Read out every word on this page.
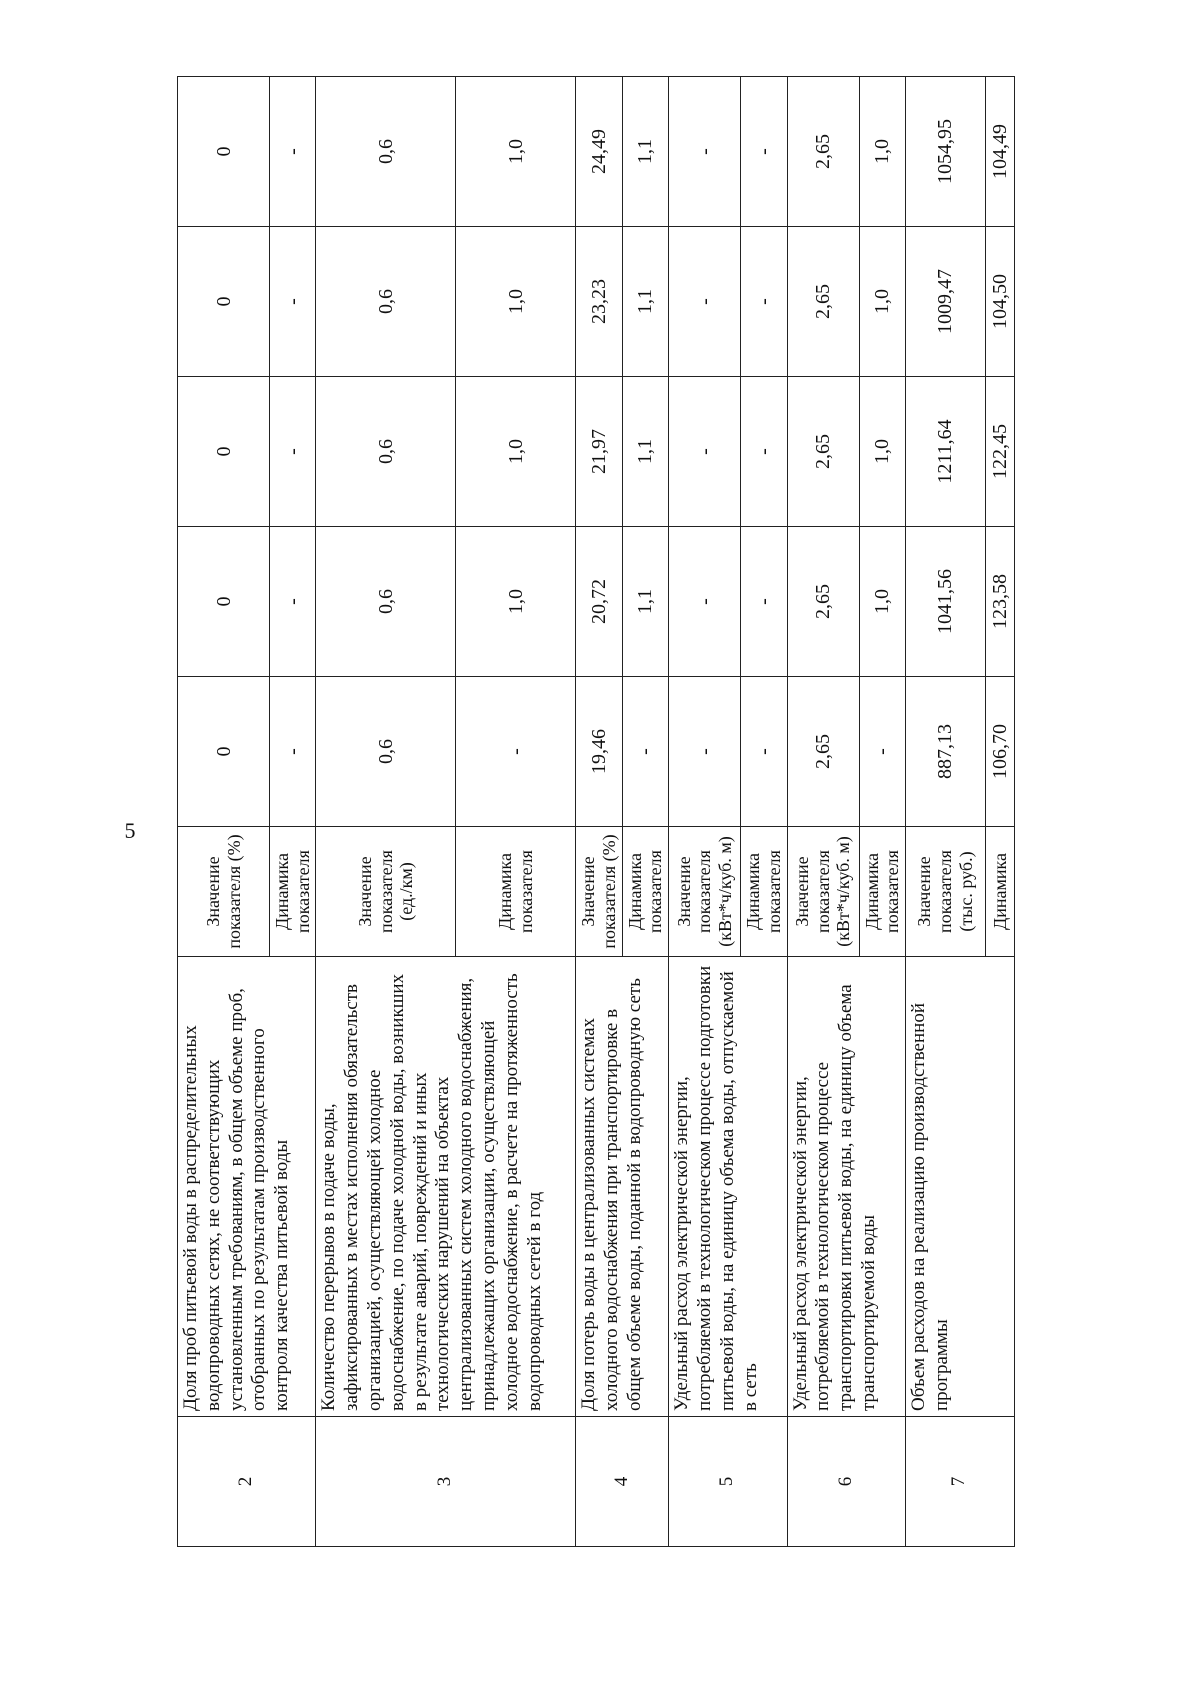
5
2	Доля проб питьевой воды в распределительных водопроводных сетях, не соответствующих установленным требованиям, в общем объеме проб, отобранных по результатам производственного контроля качества питьевой воды	Значение показателя (%)	0	0	0	0	0
		Динамика показателя	-	-	-	-	-
3	Количество перерывов в подаче воды, зафиксированных в местах исполнения обязательств организацией, осуществляющей холодное водоснабжение, по подаче холодной воды, возникших в результате аварий, повреждений и иных технологических нарушений на объектах централизованных систем холодного водоснабжения, принадлежащих организации, осуществляющей холодное водоснабжение, в расчете на протяженность водопроводных сетей в год	Значение показателя (ед./км)	0,6	0,6	0,6	0,6	0,6
		Динамика показателя	-	1,0	1,0	1,0	1,0
4	Доля потерь воды в централизованных системах холодного водоснабжения при транспортировке в общем объеме воды, поданной в водопроводную сеть	Значение показателя (%)	19,46	20,72	21,97	23,23	24,49
		Динамика показателя	-	1,1	1,1	1,1	1,1
5	Удельный расход электрической энергии, потребляемой в технологическом процессе подготовки питьевой воды, на единицу объема воды, отпускаемой в сеть	Значение показателя (кВт*ч/куб. м)	-	-	-	-	-
		Динамика показателя	-	-	-	-	-
6	Удельный расход электрической энергии, потребляемой в технологическом процессе транспортировки питьевой воды, на единицу объема транспортируемой воды	Значение показателя (кВт*ч/куб. м)	2,65	2,65	2,65	2,65	2,65
		Динамика показателя	-	1,0	1,0	1,0	1,0
7	Объем расходов на реализацию производственной программы	Значение показателя (тыс. руб.)	887,13	1041,56	1211,64	1009,47	1054,95
		Динамика	106,70	123,58	122,45	104,50	104,49
